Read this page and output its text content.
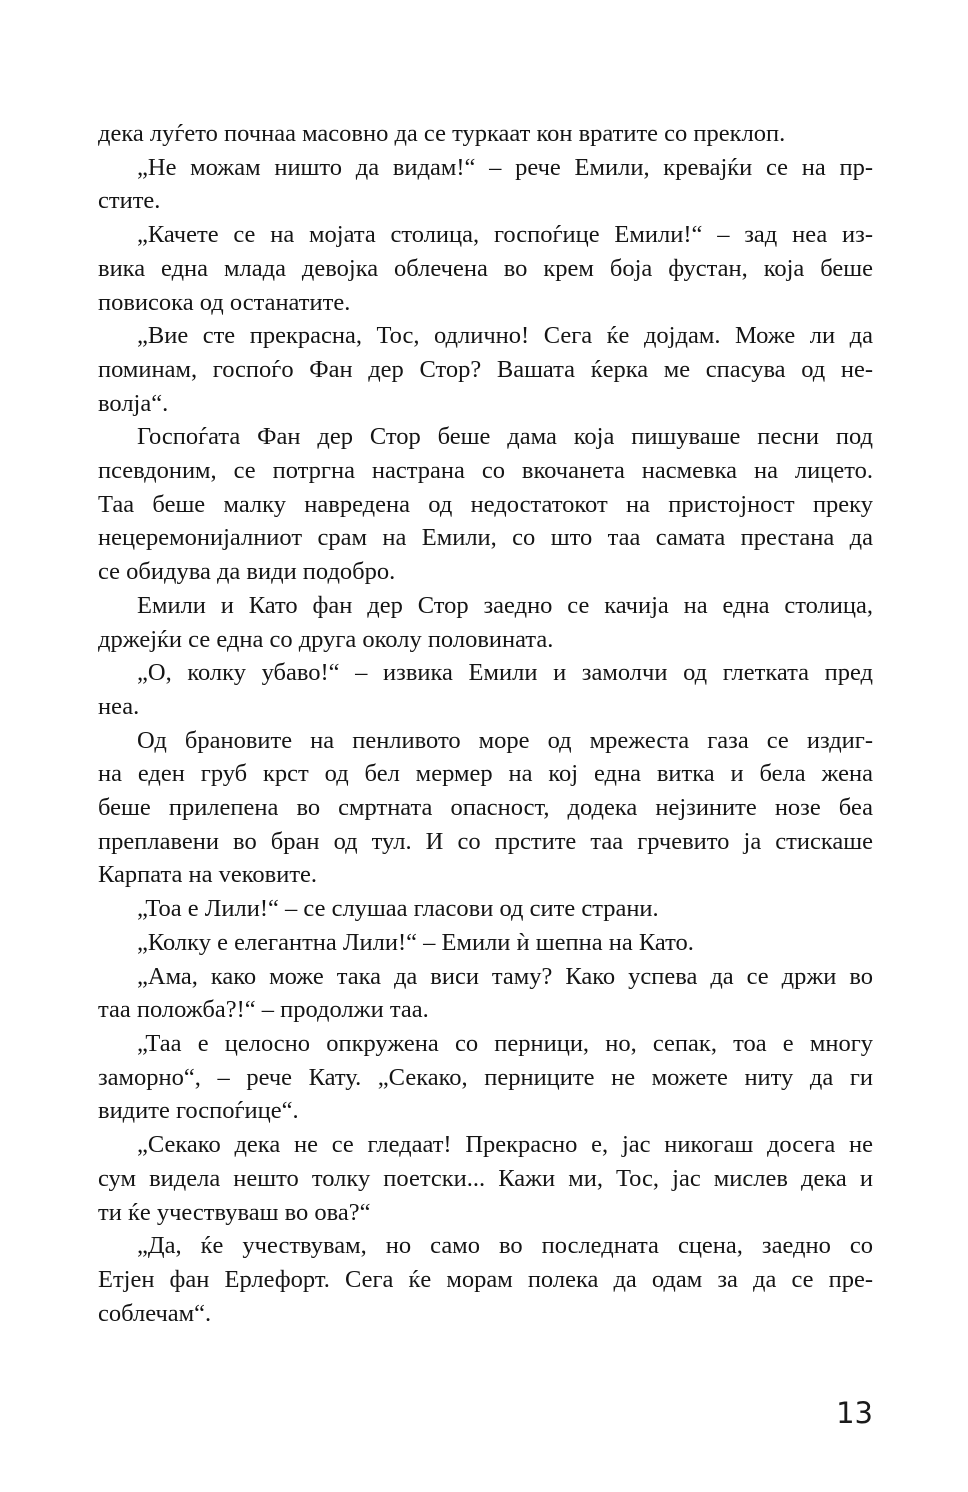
дека луѓето почнаа масовно да се туркаат кон вратите со преклоп.
„Не можам ништо да видам!“ – рече Емили, кревајќи се на пр-
стите.
„Качете се на мојата столица, госпоѓице Емили!“ – зад неа из-
вика една млада девојка облечена во крем боја фустан, која беше
повисока од останатите.
„Вие сте прекрасна, Тос, одлично! Сега ќе дојдам. Може ли да
поминам, госпоѓо Фан дер Стор? Вашата ќерка ме спасува од не-
волја“.
Госпоѓата Фан дер Стор беше дама која пишуваше песни под
псевдоним, се потргна настрана со вкочанета насмевка на лицето.
Таа беше малку навредена од недостатокот на пристојност преку
нецеремонијалниот срам на Емили, со што таа самата престана да
се обидува да види подобро.
Емили и Като фан дер Стор заедно се качија на една столица,
држејќи се една со друга околу половината.
„О, колку убаво!“ – извика Емили и замолчи од глетката пред
неа.
Од брановите на пенливото море од мрежеста газа се издиг-
на еден груб крст од бел мермер на кој една витка и бела жена
беше прилепена во смртната опасност, додека нејзините нозе беа
преплавени во бран од тул. И со прстите таа грчевито ја стискаше
Карпата на vековите.
„Тоа е Лили!“ – се слушаа гласови од сите страни.
„Колку е елегантна Лили!“ – Емили ѝ шепна на Като.
„Ама, како може така да виси таму? Како успева да се држи во
таа положба?!“ – продолжи таа.
„Таа е целосно опкружена со перници, но, сепак, тоа е многу
заморно“, – рече Кату. „Секако, перниците не можете ниту да ги
видите госпоѓице“.
„Секако дека не се гледаат! Прекрасно е, јас никогаш досега не
сум видела нешто толку поетски... Кажи ми, Тос, јас мислев дека и
ти ќе учествуваш во ова?“
„Да, ќе учествувам, но само во последната сцена, заедно со
Етјен фан Ерлефорт. Сега ќе морам полека да одам за да се пре-
соблечам“.
13
